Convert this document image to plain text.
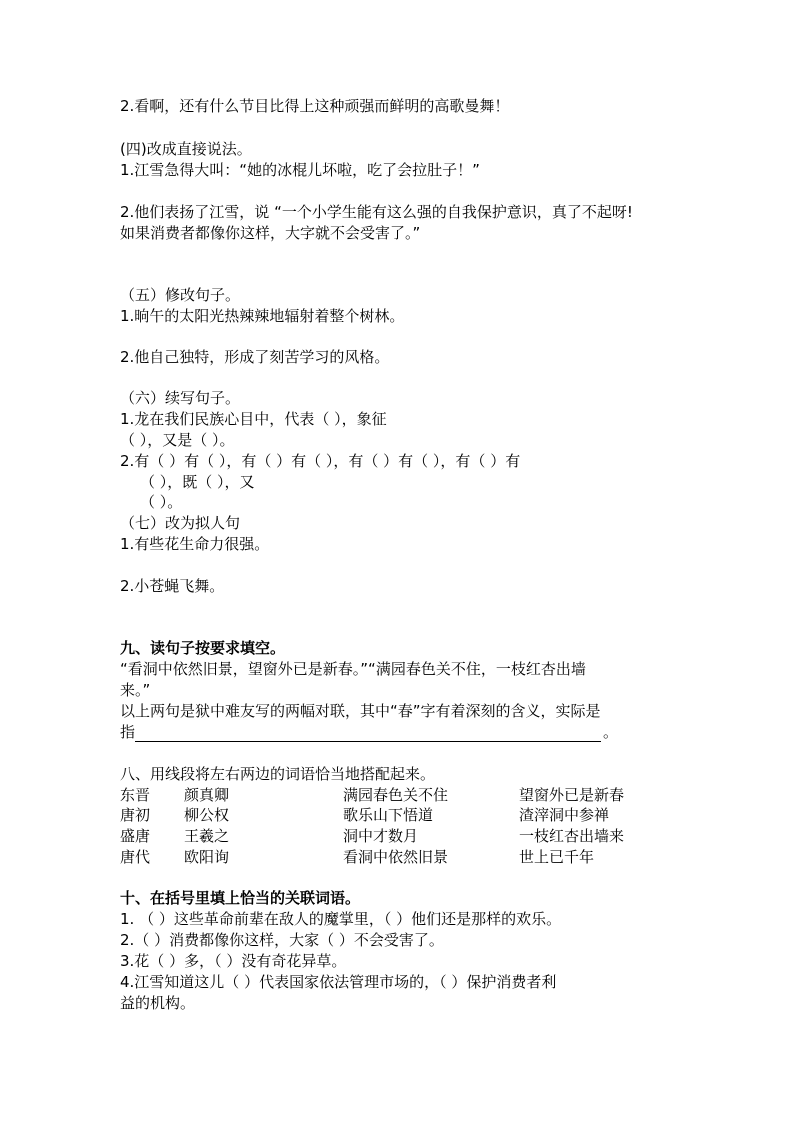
2.看啊，还有什么节目比得上这种顽强而鲜明的高歌曼舞！
(四)改成直接说法。
1.江雪急得大叫：“她的冰棍儿坏啦，吃了会拉肚子！”
2.他们表扬了江雪，说 “一个小学生能有这么强的自我保护意识，真了不起呀!
如果消费者都像你这样，大字就不会受害了。”
（五）修改句子。
1.晌午的太阳光热辣辣地辐射着整个树林。
2.他自己独特，形成了刻苦学习的风格。
（六）续写句子。
1.龙在我们民族心目中，代表（ ），象征
（ ），又是（ ）。
2.有（ ）有（ ），有（ ）有（ ），有（ ）有（ ），有（ ）有
（ ），既（ ），又
（ ）。
（七）改为拟人句
1.有些花生命力很强。
2.小苍蝇飞舞。
九、读句子按要求填空。
“看洞中依然旧景，望窗外已是新春。”“满园春色关不住，一枝红杏出墙
来。”
以上两句是狱中难友写的两幅对联，其中“春”字有着深刻的含义，实际是
指	。
八、用线段将左右两边的词语恰当地搭配起来。
东晋 颜真卿	满园春色关不住	望窗外已是新春
唐初 柳公权	歌乐山下悟道	渣滓洞中参禅
盛唐 王羲之	洞中才数月	一枝红杏出墙来
唐代 欧阳询	看洞中依然旧景	世上已千年
十、在括号里填上恰当的关联词语。
1. （ ）这些革命前辈在敌人的魔掌里，（ ）他们还是那样的欢乐。
2.（ ）消费都像你这样，大家（ ）不会受害了。
3.花（ ）多，（ ）没有奇花异草。
4.江雪知道这儿（ ）代表国家依法管理市场的，（ ）保护消费者利
益的机构。
